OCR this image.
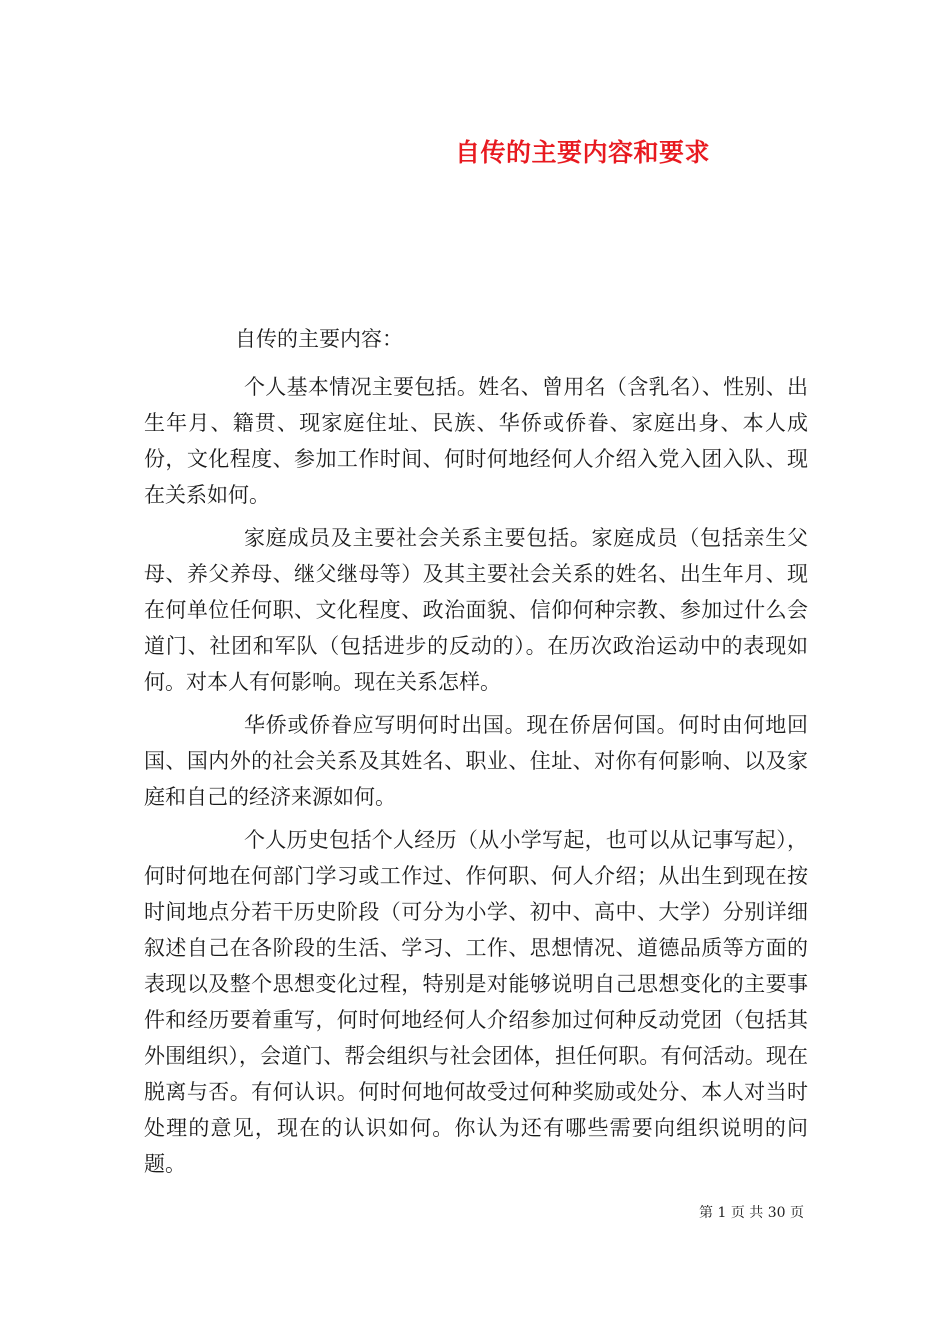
自传的主要内容和要求

自传的主要内容：

个人基本情况主要包括。姓名、曾用名（含乳名）、性别、出生年月、籍贯、现家庭住址、民族、华侨或侨眷、家庭出身、本人成份，文化程度、参加工作时间、何时何地经何人介绍入党入团入队、现在关系如何。

家庭成员及主要社会关系主要包括。家庭成员（包括亲生父母、养父养母、继父继母等）及其主要社会关系的姓名、出生年月、现在何单位任何职、文化程度、政治面貌、信仰何种宗教、参加过什么会道门、社团和军队（包括进步的反动的）。在历次政治运动中的表现如何。对本人有何影响。现在关系怎样。

华侨或侨眷应写明何时出国。现在侨居何国。何时由何地回国、国内外的社会关系及其姓名、职业、住址、对你有何影响、以及家庭和自己的经济来源如何。

个人历史包括个人经历（从小学写起，也可以从记事写起），何时何地在何部门学习或工作过、作何职、何人介绍；从出生到现在按时间地点分若干历史阶段（可分为小学、初中、高中、大学）分别详细叙述自己在各阶段的生活、学习、工作、思想情况、道德品质等方面的表现以及整个思想变化过程，特别是对能够说明自己思想变化的主要事件和经历要着重写，何时何地经何人介绍参加过何种反动党团（包括其外围组织），会道门、帮会组织与社会团体，担任何职。有何活动。现在脱离与否。有何认识。何时何地何故受过何种奖励或处分、本人对当时处理的意见，现在的认识如何。你认为还有哪些需要向组织说明的问题。

第 1 页 共 30 页
